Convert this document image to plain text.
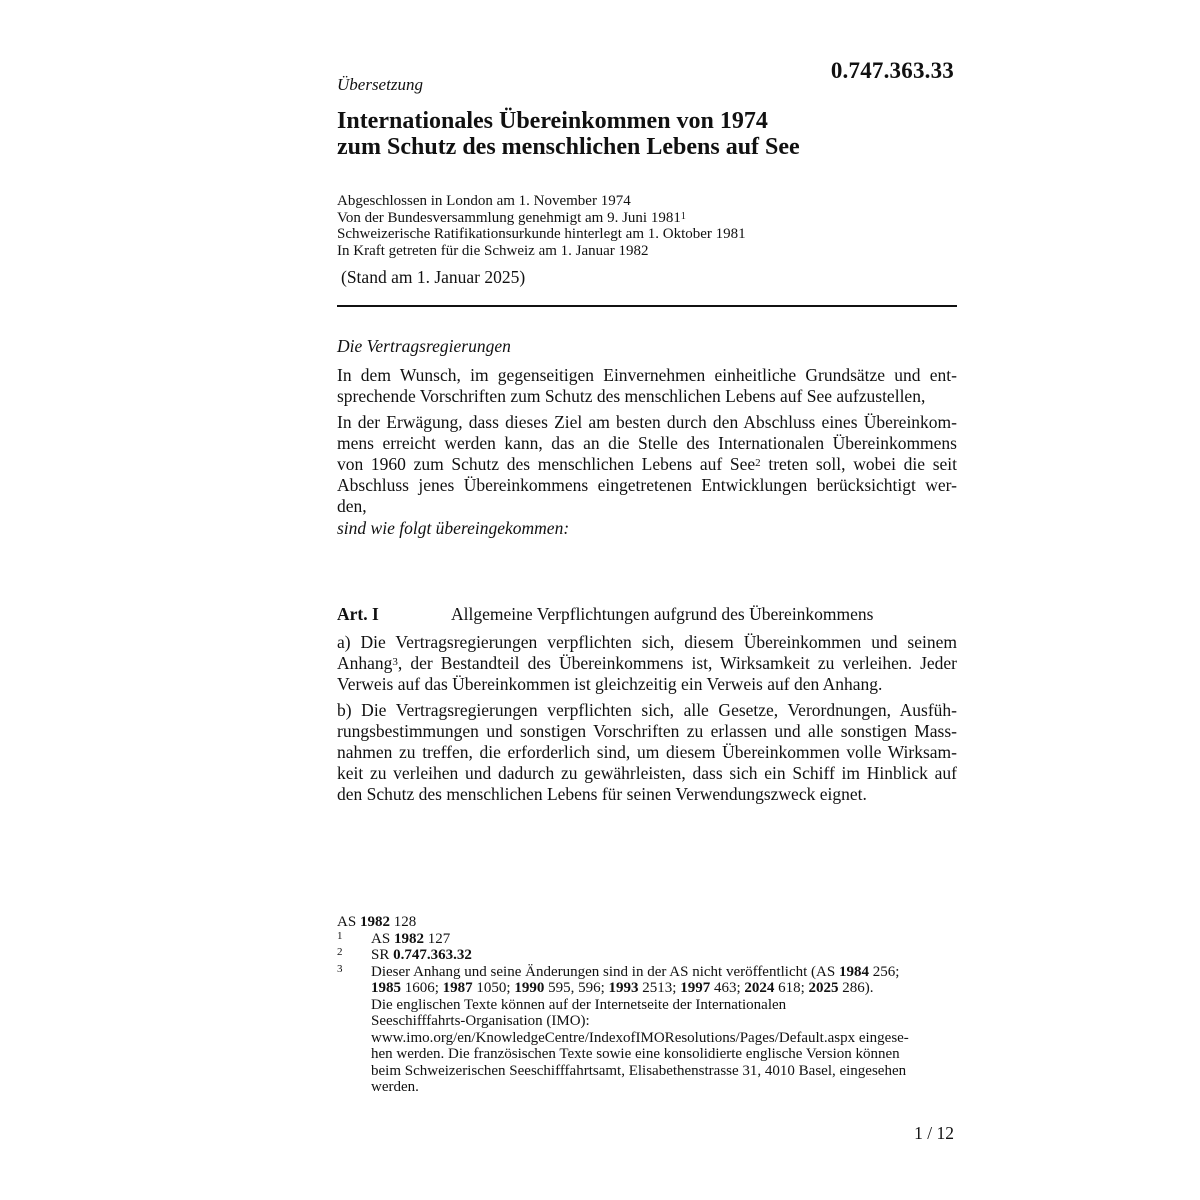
0.747.363.33
Übersetzung
Internationales Übereinkommen von 1974
zum Schutz des menschlichen Lebens auf See
Abgeschlossen in London am 1. November 1974
Von der Bundesversammlung genehmigt am 9. Juni 1981$^1$
Schweizerische Ratifikationsurkunde hinterlegt am 1. Oktober 1981
In Kraft getreten für die Schweiz am 1. Januar 1982
(Stand am 1. Januar 2025)

Die Vertragsregierungen

In dem Wunsch, im gegenseitigen Einvernehmen einheitliche Grundsätze und ent-

sprechende Vorschriften zum Schutz des menschlichen Lebens auf See aufzustellen,

In der Erwägung, dass dieses Ziel am besten durch den Abschluss eines Übereinkom-

mens erreicht werden kann, das an die Stelle des Internationalen Übereinkommens

von 1960 zum Schutz des menschlichen Lebens auf See$^2$ treten soll, wobei die seit

Abschluss jenes Übereinkommens eingetretenen Entwicklungen berücksichtigt wer-

den,

sind wie folgt übereingekommen:

Art. I	Allgemeine Verpflichtungen aufgrund des Übereinkommens

a) Die Vertragsregierungen verpflichten sich, diesem Übereinkommen und seinem

Anhang$^3$, der Bestandteil des Übereinkommens ist, Wirksamkeit zu verleihen. Jeder

Verweis auf das Übereinkommen ist gleichzeitig ein Verweis auf den Anhang.

b) Die Vertragsregierungen verpflichten sich, alle Gesetze, Verordnungen, Ausfüh-

rungsbestimmungen und sonstigen Vorschriften zu erlassen und alle sonstigen Mass-

nahmen zu treffen, die erforderlich sind, um diesem Übereinkommen volle Wirksam-

keit zu verleihen und dadurch zu gewährleisten, dass sich ein Schiff im Hinblick auf

den Schutz des menschlichen Lebens für seinen Verwendungszweck eignet.

AS 1982 128
1 AS 1982 127
2 SR 0.747.363.32
3 Dieser Anhang und seine Änderungen sind in der AS nicht veröffentlicht (AS 1984 256;
1985 1606; 1987 1050; 1990 595, 596; 1993 2513; 1997 463; 2024 618; 2025 286).
Die englischen Texte können auf der Internetseite der Internationalen
Seeschifffahrts-Organisation (IMO):
www.imo.org/en/KnowledgeCentre/IndexofIMOResolutions/Pages/Default.aspx eingese-
hen werden. Die französischen Texte sowie eine konsolidierte englische Version können
beim Schweizerischen Seeschifffahrtsamt, Elisabethenstrasse 31, 4010 Basel, eingesehen
werden.
1 / 12
